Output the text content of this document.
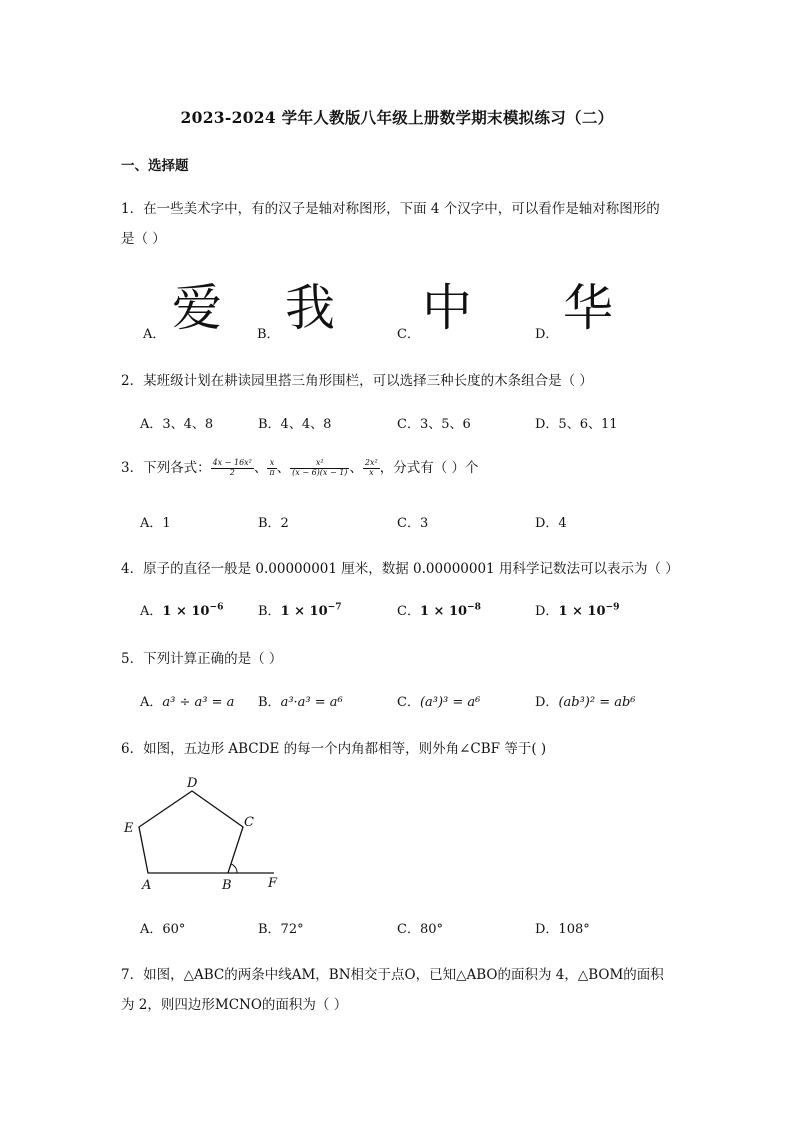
2023-2024 学年人教版八年级上册数学期末模拟练习（二）
一、选择题
1．在一些美术字中，有的汉子是轴对称图形，下面 4 个汉字中，可以看作是轴对称图形的
是（ ）
A． 爱	B． 我	C． 中	D． 华
2．某班级计划在耕读园里搭三角形围栏，可以选择三种长度的木条组合是（ ）
A．3、4、8	B．4、4、8	C．3、5、6	D．5、6、11
3．下列各式： $\frac{\text{4x − 16x²}}{2}$ 、 $\frac{x}{\pi}$ 、 $\frac{\text{x²}}{(x - 6)(x - 1)}$ 、 $\frac{\text{2x²}}{x}$ ，分式有（ ）个
A．1	B．2	C．3	D．4
4．原子的直径一般是 0.00000001 厘米，数据 0.00000001 用科学记数法可以表示为（ ）
A．$1 \times 10^{-6}$	B．$1 \times 10^{-7}$	C．$1 \times 10^{-8}$	D．$1 \times 10^{-9}$
5．下列计算正确的是（ ）
A．a³ ÷ a³ = a B．a³·a³ = a⁶	C．(a³)³ = a⁶	D．(ab³)² = ab⁶
6．如图，五边形 ABCDE 的每一个内角都相等，则外角∠CBF 等于( )
A	B
C
D
E
F
A．60°	B．72°	C．80°	D．108°
7．如图，△ABC的两条中线AM，BN相交于点O，已知△ABO的面积为 4，△BOM的面积
为 2，则四边形MCNO的面积为（ ）
